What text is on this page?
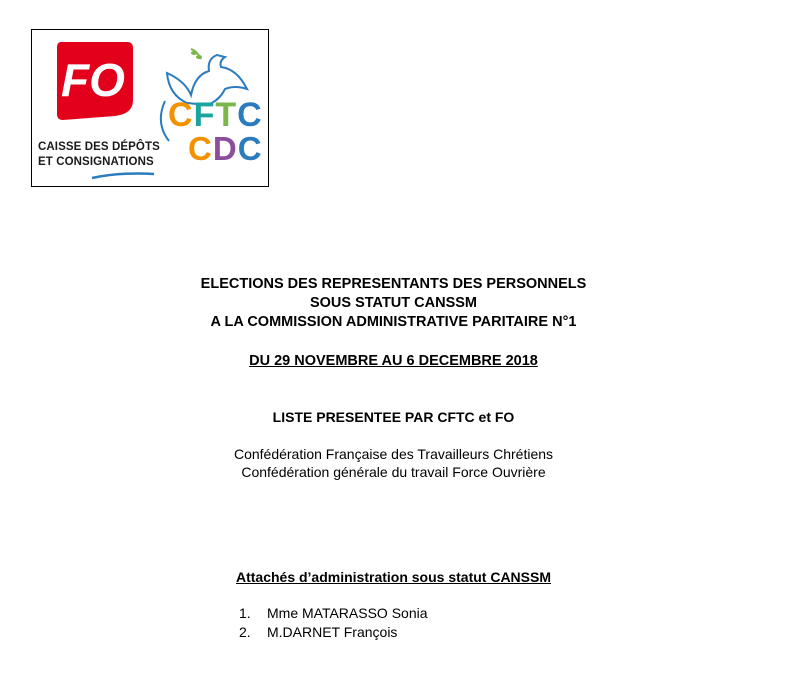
FO
CAISSE DES DÉPÔTS
ET CONSIGNATIONS
CFTC
CDC
ELECTIONS DES REPRESENTANTS DES PERSONNELS
SOUS STATUT CANSSM
A LA COMMISSION ADMINISTRATIVE PARITAIRE N°1
DU 29 NOVEMBRE AU 6 DECEMBRE 2018
LISTE PRESENTEE PAR CFTC et FO
Confédération Française des Travailleurs Chrétiens
Confédération générale du travail Force Ouvrière
Attachés d’administration sous statut CANSSM
1. Mme MATARASSO Sonia
2. M.DARNET François
